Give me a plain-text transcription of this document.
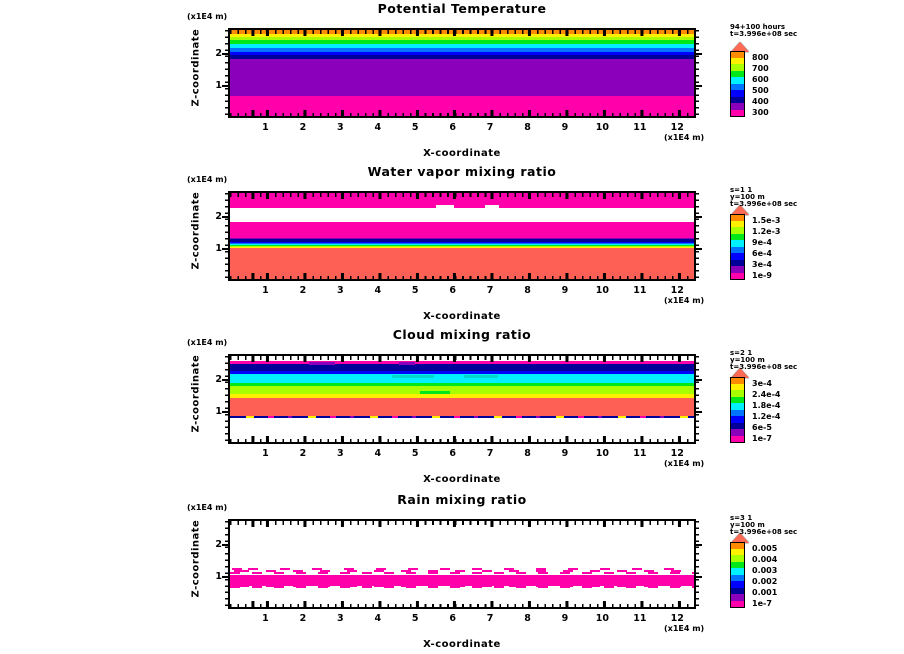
Potential Temperature
(x1E4 m)
Z-coordinate	2
1
1	2	3	4	5	6	7	8	9	10	11	12
(x1E4 m)
X-coordinate
94+100 hours
t=3.996e+08 sec
800
700
600
500
400
300
Water vapor mixing ratio
(x1E4 m)
Z-coordinate	2
1
1	2	3	4	5	6	7	8	9	10	11	12
(x1E4 m)
X-coordinate
s=1 1
y=100 m
t=3.996e+08 sec
1.5e-3
1.2e-3
9e-4
6e-4
3e-4
1e-9
Cloud mixing ratio
(x1E4 m)
Z-coordinate	2
1
1	2	3	4	5	6	7	8	9	10	11	12
(x1E4 m)
X-coordinate
s=2 1
y=100 m
t=3.996e+08 sec
3e-4
2.4e-4
1.8e-4
1.2e-4
6e-5
1e-7
Rain mixing ratio
(x1E4 m)
Z-coordinate	2
1
1	2	3	4	5	6	7	8	9	10	11	12
(x1E4 m)
X-coordinate
s=3 1
y=100 m
t=3.996e+08 sec
0.005
0.004
0.003
0.002
0.001
1e-7
